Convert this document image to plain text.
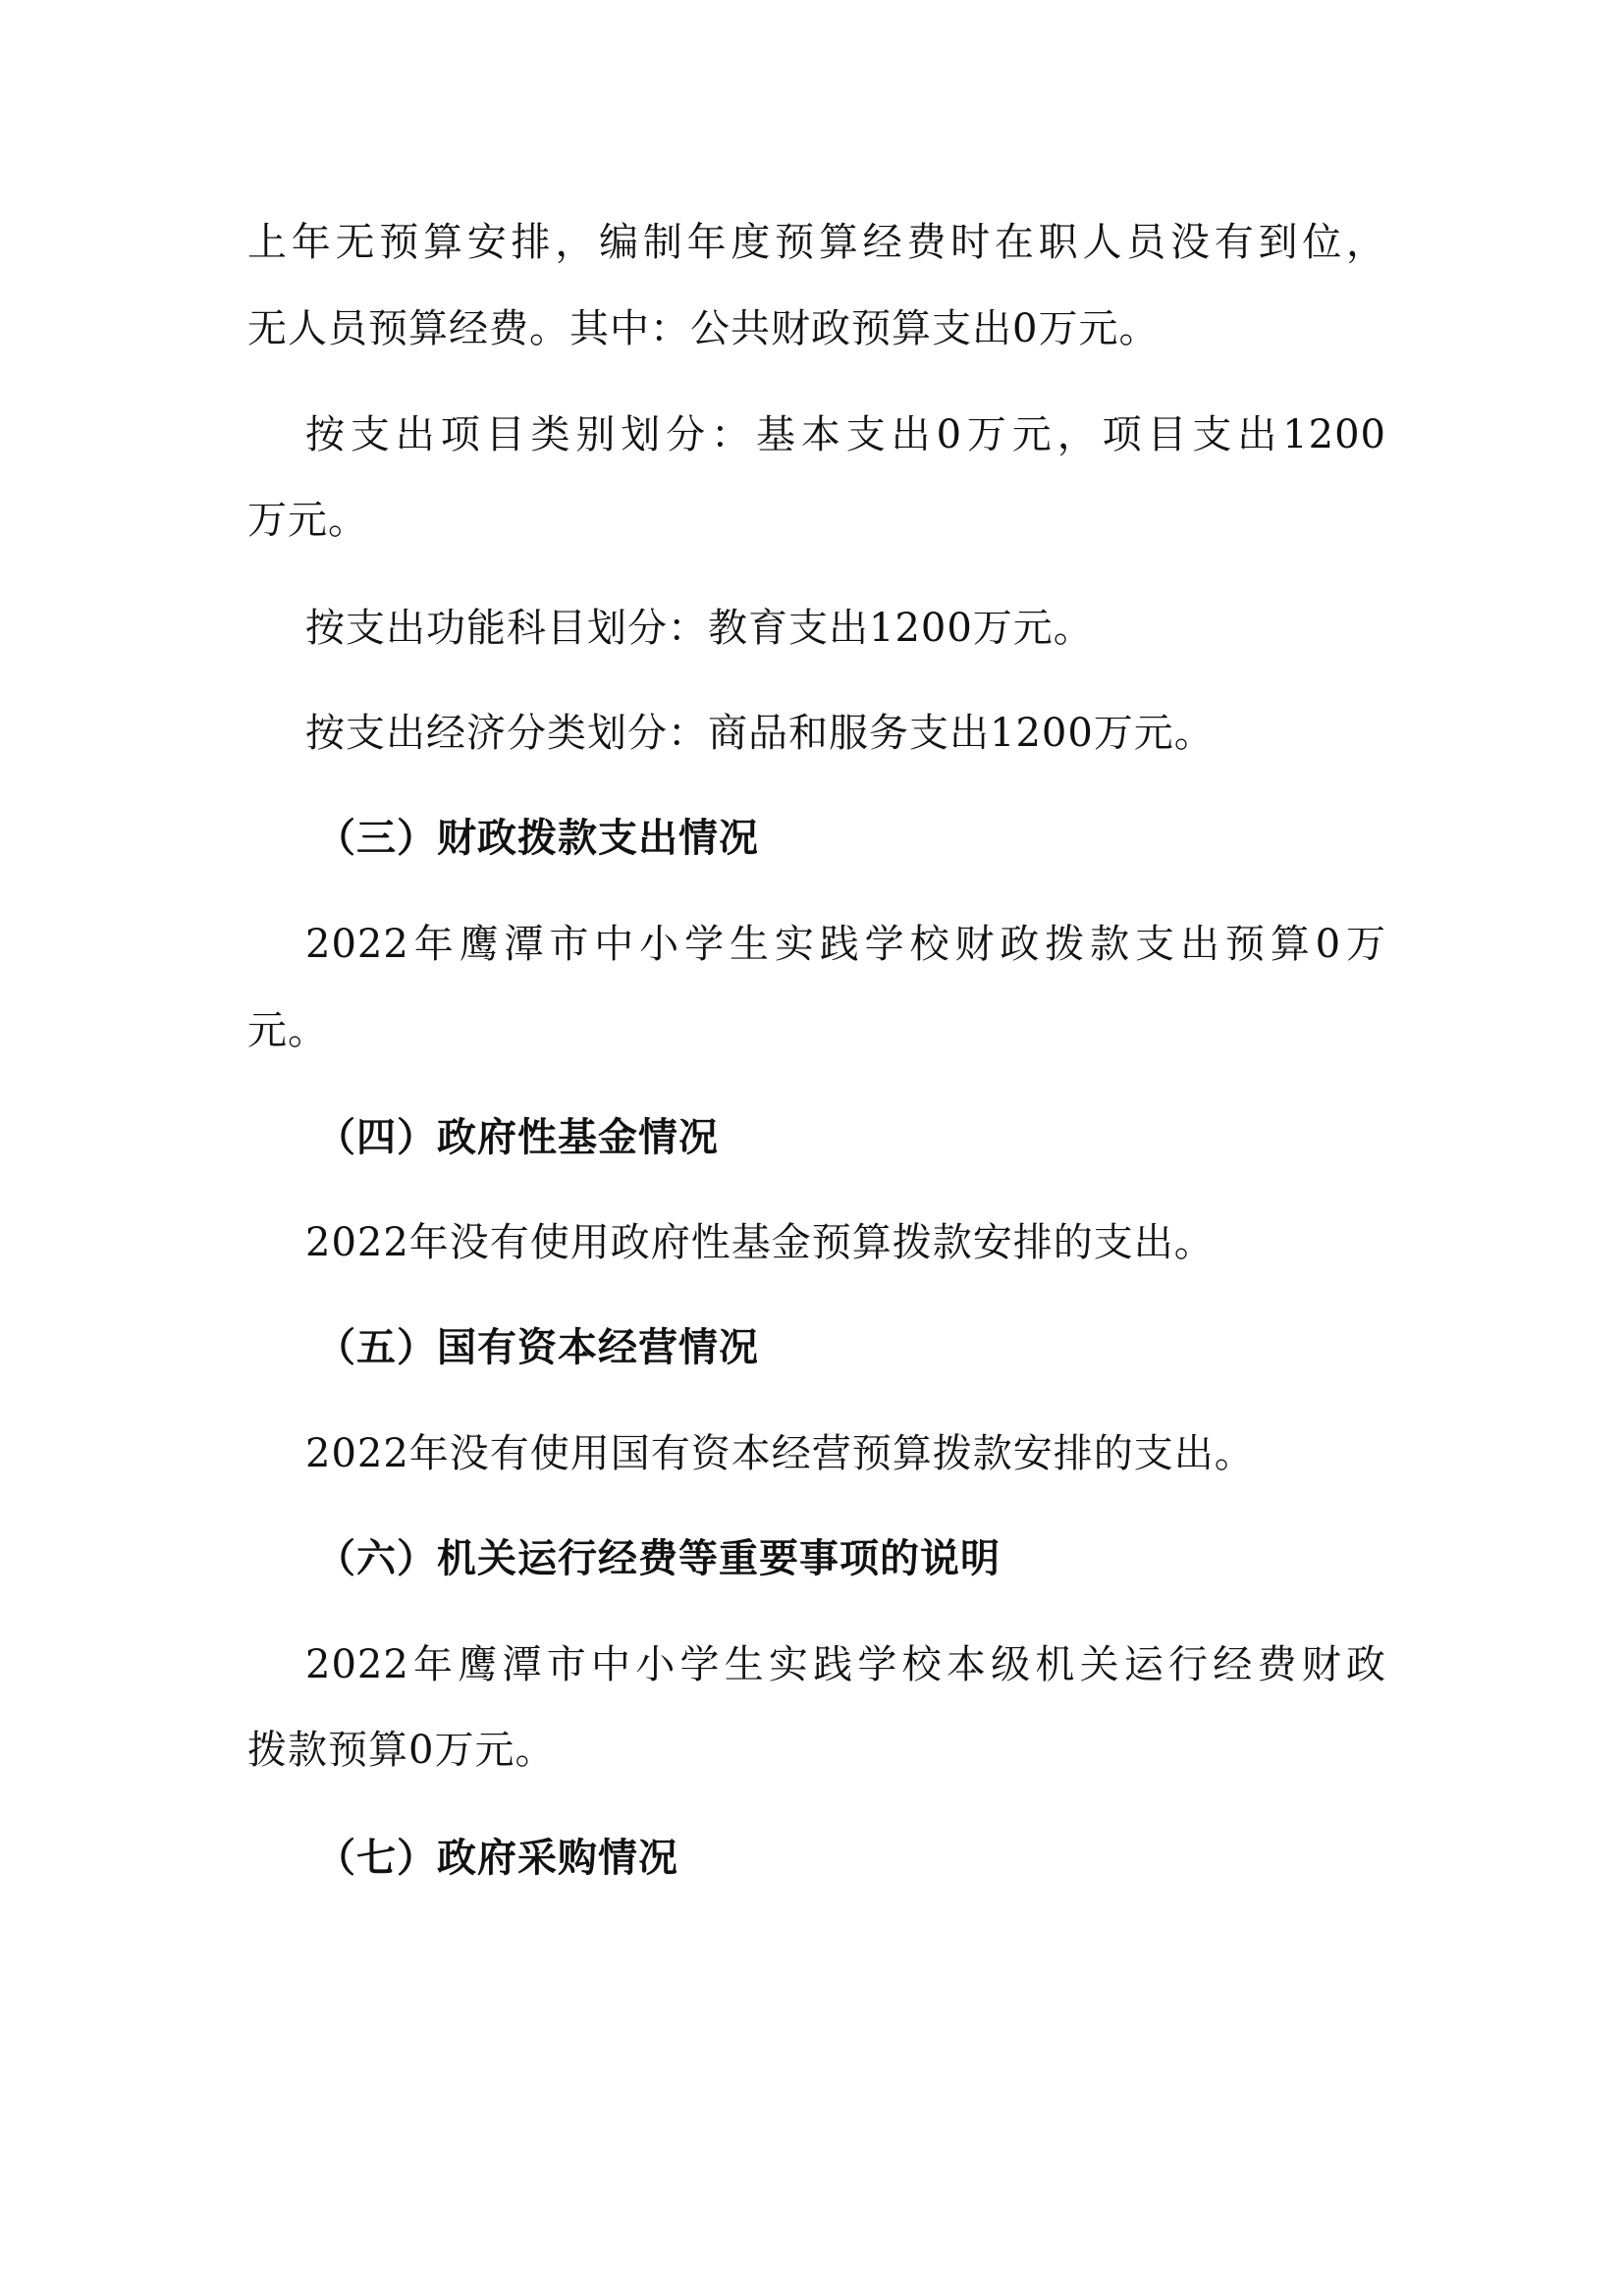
上年无预算安排，编制年度预算经费时在职人员没有到位，
无人员预算经费。其中：公共财政预算支出0万元。
按支出项目类别划分：基本支出0万元，项目支出1200
万元。
按支出功能科目划分：教育支出1200万元。
按支出经济分类划分：商品和服务支出1200万元。
（三）财政拨款支出情况
2022年鹰潭市中小学生实践学校财政拨款支出预算0万
元。
（四）政府性基金情况
2022年没有使用政府性基金预算拨款安排的支出。
（五）国有资本经营情况
2022年没有使用国有资本经营预算拨款安排的支出。
（六）机关运行经费等重要事项的说明
2022年鹰潭市中小学生实践学校本级机关运行经费财政
拨款预算0万元。
（七）政府采购情况
